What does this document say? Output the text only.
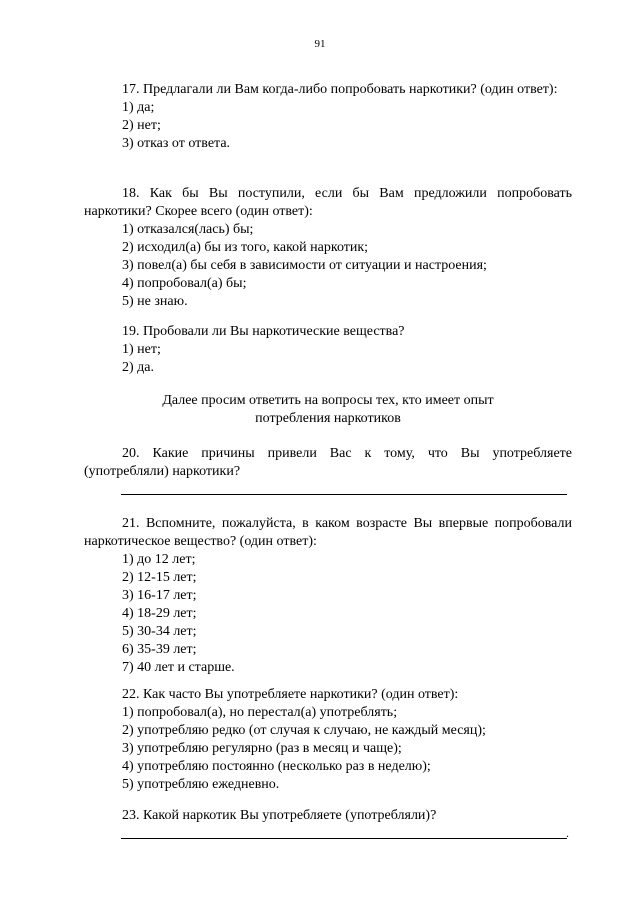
91

17. Предлагали ли Вам когда-либо попробовать наркотики? (один ответ):

1) да;
2) нет;
3) отказ от ответа.

18. Как бы Вы поступили, если бы Вам предложили попробовать наркотики? Скорее всего (один ответ):

1) отказался(лась) бы;
2) исходил(а) бы из того, какой наркотик;
3) повел(а) бы себя в зависимости от ситуации и настроения;
4) попробовал(а) бы;
5) не знаю.

19. Пробовали ли Вы наркотические вещества?

1) нет;
2) да.

Далее просим ответить на вопросы тех, кто имеет опыт

потребления наркотиков

20. Какие причины привели Вас к тому, что Вы употребляете (употребляли) наркотики?

21. Вспомните, пожалуйста, в каком возрасте Вы впервые попробовали наркотическое вещество? (один ответ):

1) до 12 лет;
2) 12-15 лет;
3) 16-17 лет;
4) 18-29 лет;
5) 30-34 лет;
6) 35-39 лет;
7) 40 лет и старше.

22. Как часто Вы употребляете наркотики? (один ответ):

1) попробовал(а), но перестал(а) употреблять;
2) употребляю редко (от случая к случаю, не каждый месяц);
3) употребляю регулярно (раз в месяц и чаще);
4) употребляю постоянно (несколько раз в неделю);
5) употребляю ежедневно.

23. Какой наркотик Вы употребляете (употребляли)?

.
